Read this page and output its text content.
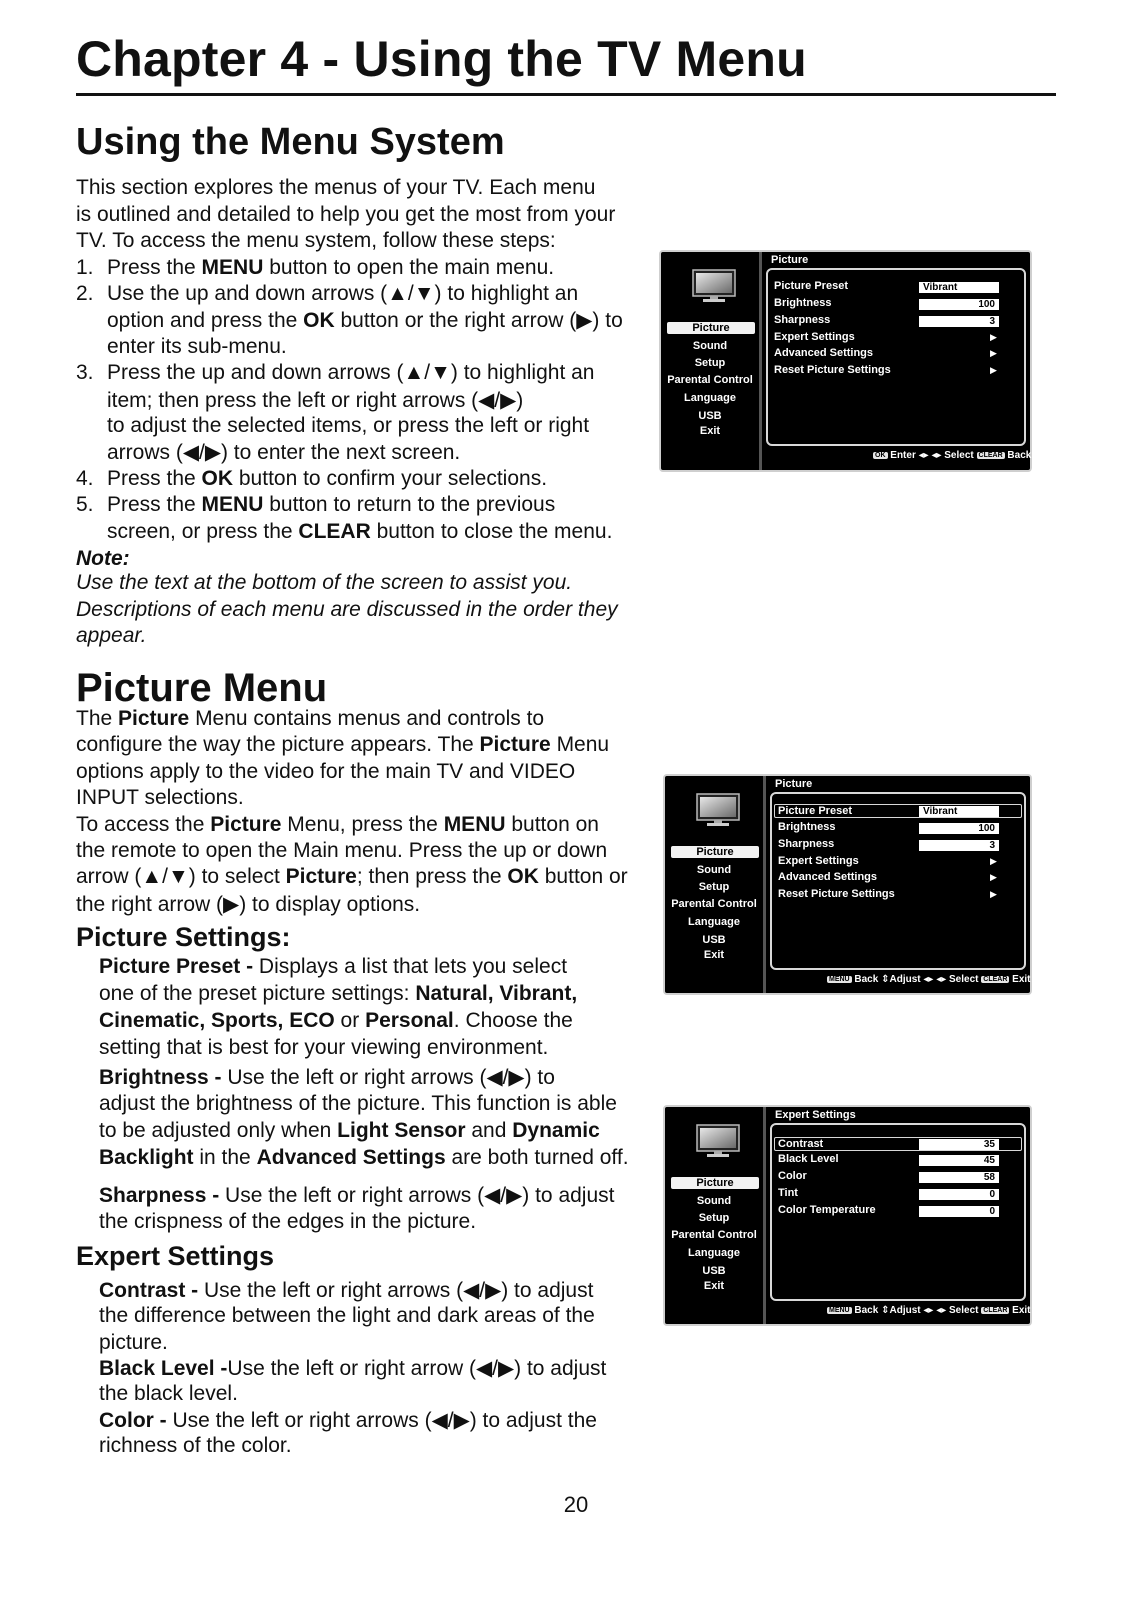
Chapter 4 - Using the TV Menu
Using the Menu System
Note:
Picture Menu
Picture Settings:
Expert Settings
Picture
Sound
Setup
Parental Control
Language
USB
Exit
Picture
Picture Preset	Vibrant
Brightness	100
Sharpness	3
Expert Settings	▶
Advanced Settings	▶
Reset Picture Settings	▶
OK Enter ◂▸ ◂▸ Select CLEAR Back
Picture
Sound
Setup
Parental Control
Language
USB
Exit
Picture
Picture Preset	Vibrant
Brightness	100
Sharpness	3
Expert Settings	▶
Advanced Settings	▶
Reset Picture Settings	▶
MENU Back ⇕Adjust ◂▸ ◂▸ Select CLEAR Exit
Picture
Sound
Setup
Parental Control
Language
USB
Exit
Expert Settings
Contrast	35
Black Level	45
Color	58
Tint	0
Color Temperature	0
MENU Back ⇕Adjust ◂▸ ◂▸ Select CLEAR Exit
20
This section explores the menus of your TV. Each menu
is outlined and detailed to help you get the most from your
TV. To access the menu system, follow these steps:
1. Press the MENU button to open the main menu.
2. Use the up and down arrows (▲/▼) to highlight an
option and press the OK button or the right arrow (▶) to
enter its sub-menu.
3. Press the up and down arrows (▲/▼) to highlight an
item; then press the left or right arrows (◀/▶)
to adjust the selected items, or press the left or right
arrows (◀/▶) to enter the next screen.
4. Press the OK button to confirm your selections.
5. Press the MENU button to return to the previous
screen, or press the CLEAR button to close the menu.
Use the text at the bottom of the screen to assist you.
Descriptions of each menu are discussed in the order they
appear.
The Picture Menu contains menus and controls to
configure the way the picture appears. The Picture Menu
options apply to the video for the main TV and VIDEO
INPUT selections.
To access the Picture Menu, press the MENU button on
the remote to open the Main menu. Press the up or down
arrow (▲/▼) to select Picture; then press the OK button or
the right arrow (▶) to display options.
Picture Preset - Displays a list that lets you select
one of the preset picture settings: Natural, Vibrant,
Cinematic, Sports, ECO or Personal. Choose the
setting that is best for your viewing environment.
Brightness - Use the left or right arrows (◀/▶) to
adjust the brightness of the picture. This function is able
to be adjusted only when Light Sensor and Dynamic
Backlight in the Advanced Settings are both turned off.
Sharpness - Use the left or right arrows (◀/▶) to adjust
the crispness of the edges in the picture.
Contrast - Use the left or right arrows (◀/▶) to adjust
the difference between the light and dark areas of the
picture.
Black Level -Use the left or right arrow (◀/▶) to adjust
the black level.
Color - Use the left or right arrows (◀/▶) to adjust the
richness of the color.
